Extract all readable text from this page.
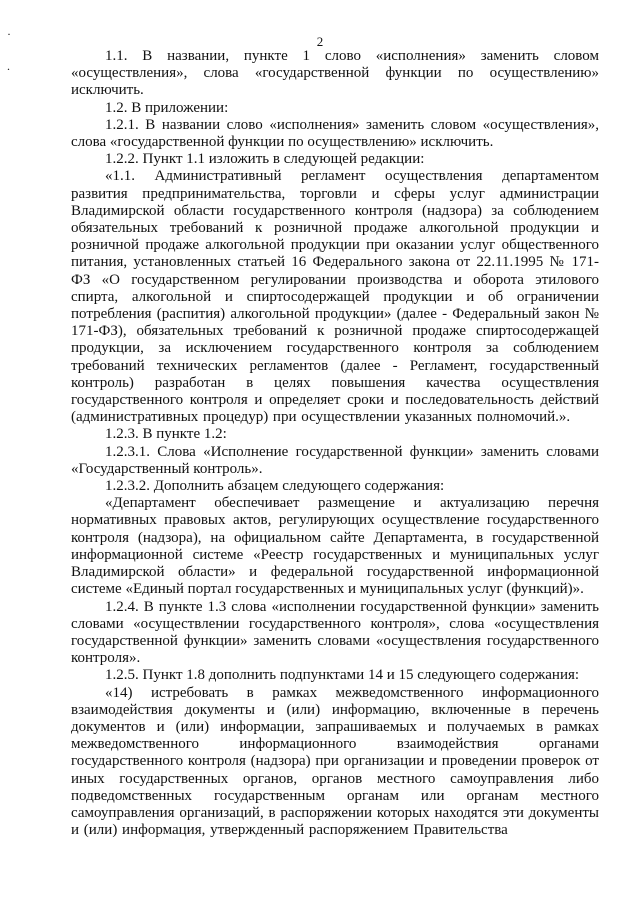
·
.
2

1.1. В названии, пункте 1 слово «исполнения» заменить словом «осуществления», слова «государственной функции по осуществлению» исключить.

1.2. В приложении:

1.2.1. В названии слово «исполнения» заменить словом «осуществления», слова «государственной функции по осуществлению» исключить.

1.2.2. Пункт 1.1 изложить в следующей редакции:

«1.1. Административный регламент осуществления департаментом развития предпринимательства, торговли и сферы услуг администрации Владимирской области государственного контроля (надзора) за соблюдением обязательных требований к розничной продаже алкогольной продукции и розничной продаже алкогольной продукции при оказании услуг общественного питания, установленных статьей 16 Федерального закона от 22.11.1995 № 171-ФЗ «О государственном регулировании производства и оборота этилового спирта, алкогольной и спиртосодержащей продукции и об ограничении потребления (распития) алкогольной продукции» (далее - Федеральный закон № 171-ФЗ), обязательных требований к розничной продаже спиртосодержащей продукции, за исключением государственного контроля за соблюдением требований технических регламентов (далее - Регламент, государственный контроль) разработан в целях повышения качества осуществления государственного контроля и определяет сроки и последовательность действий (административных процедур) при осуществлении указанных полномочий.».

1.2.3. В пункте 1.2:

1.2.3.1. Слова «Исполнение государственной функции» заменить словами «Государственный контроль».

1.2.3.2. Дополнить абзацем следующего содержания:

«Департамент обеспечивает размещение и актуализацию перечня нормативных правовых актов, регулирующих осуществление государственного контроля (надзора), на официальном сайте Департамента, в государственной информационной системе «Реестр государственных и муниципальных услуг Владимирской области» и федеральной государственной информационной системе «Единый портал государственных и муниципальных услуг (функций)».

1.2.4. В пункте 1.3 слова «исполнении государственной функции» заменить словами «осуществлении государственного контроля», слова «осуществления государственной функции» заменить словами «осуществления государственного контроля».

1.2.5. Пункт 1.8 дополнить подпунктами 14 и 15 следующего содержания:

«14) истребовать в рамках межведомственного информационного взаимодействия документы и (или) информацию, включенные в перечень документов и (или) информации, запрашиваемых и получаемых в рамках межведомственного информационного взаимодействия органами государственного контроля (надзора) при организации и проведении проверок от иных государственных органов, органов местного самоуправления либо подведомственных государственным органам или органам местного самоуправления организаций, в распоряжении которых находятся эти документы и (или) информация, утвержденный распоряжением Правительства
